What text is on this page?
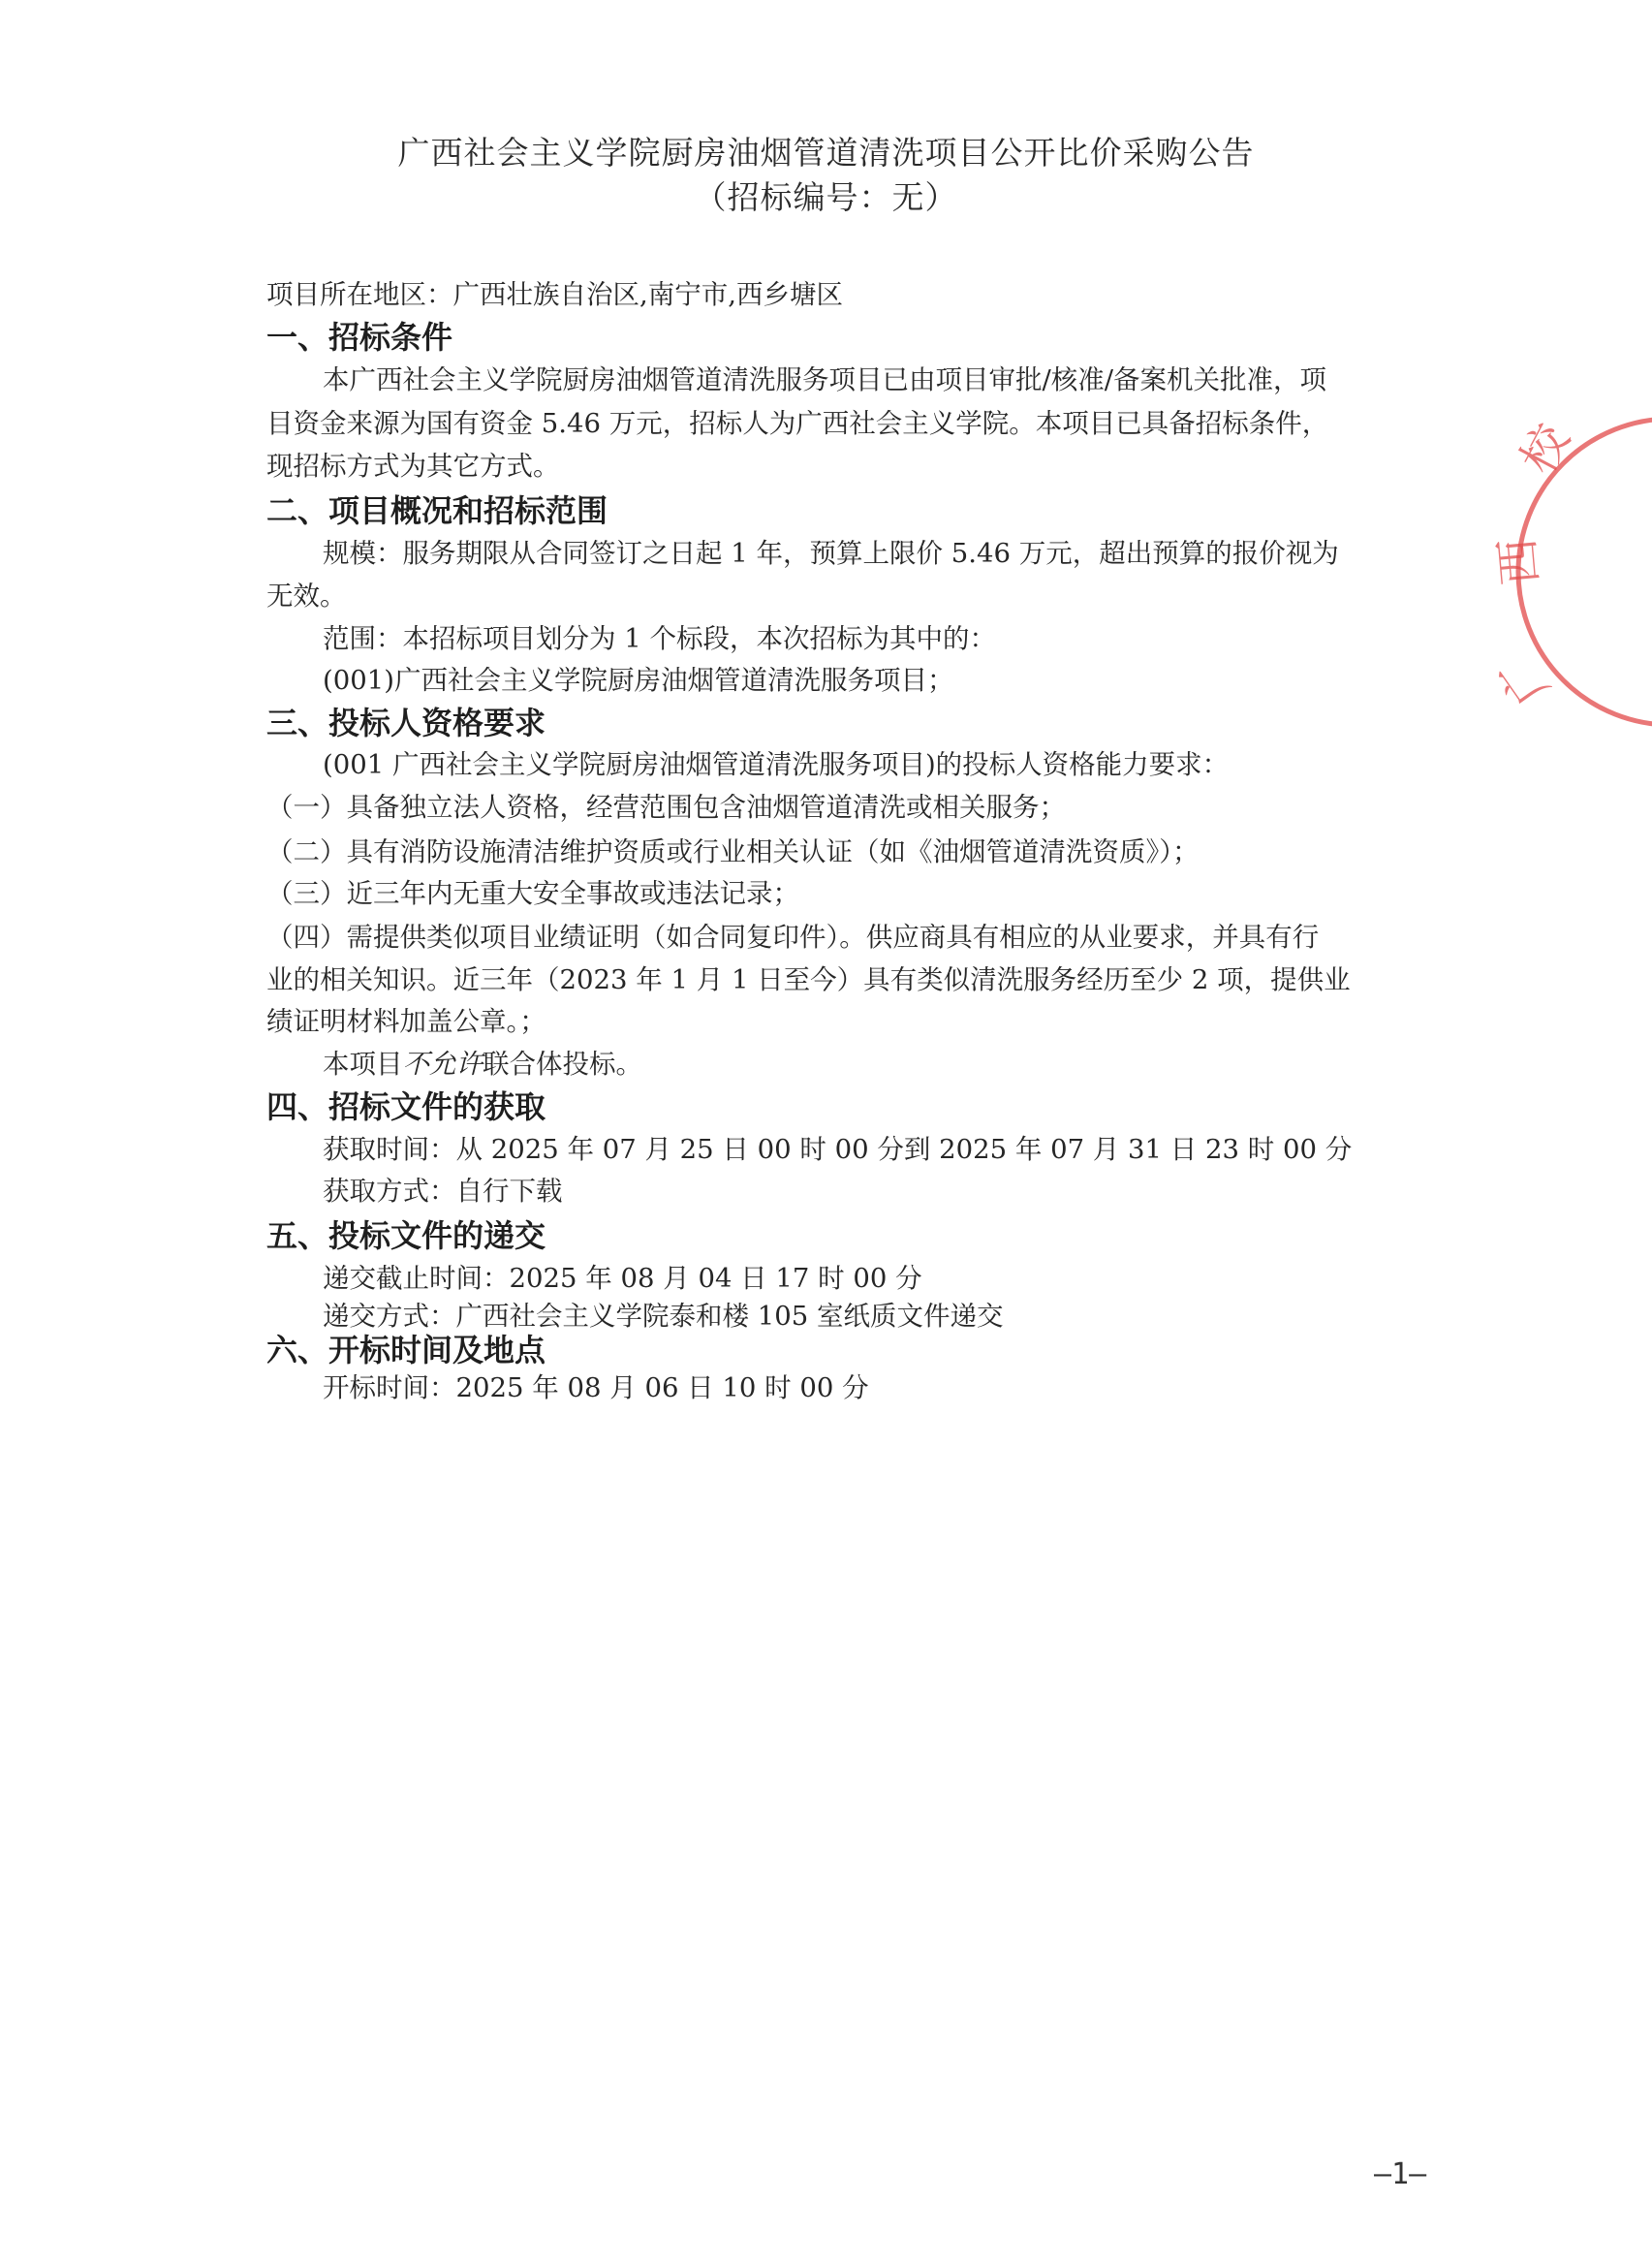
广西社会主义学院厨房油烟管道清洗项目公开比价采购公告
（招标编号：无）
项目所在地区：广西壮族自治区,南宁市,西乡塘区
一、招标条件
本广西社会主义学院厨房油烟管道清洗服务项目已由项目审批/核准/备案机关批准，项
目资金来源为国有资金 5.46 万元，招标人为广西社会主义学院。本项目已具备招标条件，
现招标方式为其它方式。
二、项目概况和招标范围
规模：服务期限从合同签订之日起 1 年，预算上限价 5.46 万元，超出预算的报价视为
无效。
范围：本招标项目划分为 1 个标段，本次招标为其中的：
(001)广西社会主义学院厨房油烟管道清洗服务项目；
三、投标人资格要求
(001 广西社会主义学院厨房油烟管道清洗服务项目)的投标人资格能力要求：
（一）具备独立法人资格，经营范围包含油烟管道清洗或相关服务；
（二）具有消防设施清洁维护资质或行业相关认证（如《油烟管道清洗资质》）；
（三）近三年内无重大安全事故或违法记录；
（四）需提供类似项目业绩证明（如合同复印件）。供应商具有相应的从业要求，并具有行
业的相关知识。近三年（2023 年 1 月 1 日至今）具有类似清洗服务经历至少 2 项，提供业
绩证明材料加盖公章。；
本项目不允许联合体投标。
四、招标文件的获取
获取时间：从 2025 年 07 月 25 日 00 时 00 分到 2025 年 07 月 31 日 23 时 00 分
获取方式：自行下载
五、投标文件的递交
递交截止时间：2025 年 08 月 04 日 17 时 00 分
递交方式：广西社会主义学院泰和楼 105 室纸质文件递交
六、开标时间及地点
开标时间：2025 年 08 月 06 日 10 时 00 分
—1—
校
西
广
